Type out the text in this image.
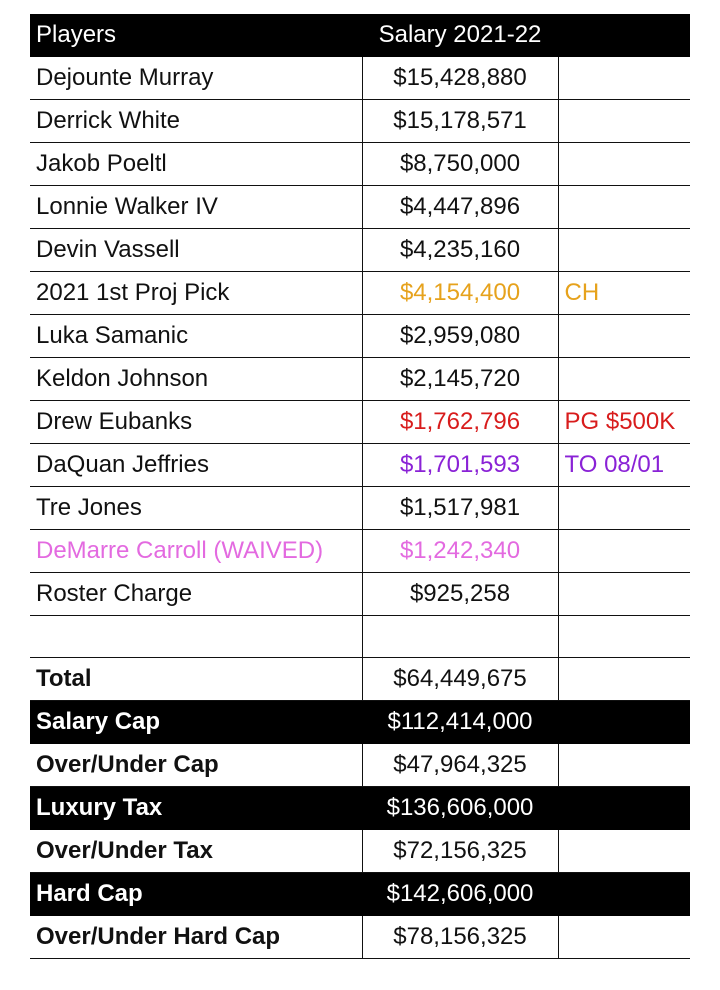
Players	Salary 2021-22	
Dejounte Murray	$15,428,880	
Derrick White	$15,178,571	
Jakob Poeltl	$8,750,000	
Lonnie Walker IV	$4,447,896	
Devin Vassell	$4,235,160	
2021 1st Proj Pick	$4,154,400	CH
Luka Samanic	$2,959,080	
Keldon Johnson	$2,145,720	
Drew Eubanks	$1,762,796	PG $500K
DaQuan Jeffries	$1,701,593	TO 08/01
Tre Jones	$1,517,981	
DeMarre Carroll (WAIVED)	$1,242,340	
Roster Charge	$925,258	

Total	$64,449,675	
Salary Cap	$112,414,000	
Over/Under Cap	$47,964,325	
Luxury Tax	$136,606,000	
Over/Under Tax	$72,156,325	
Hard Cap	$142,606,000	
Over/Under Hard Cap	$78,156,325	
